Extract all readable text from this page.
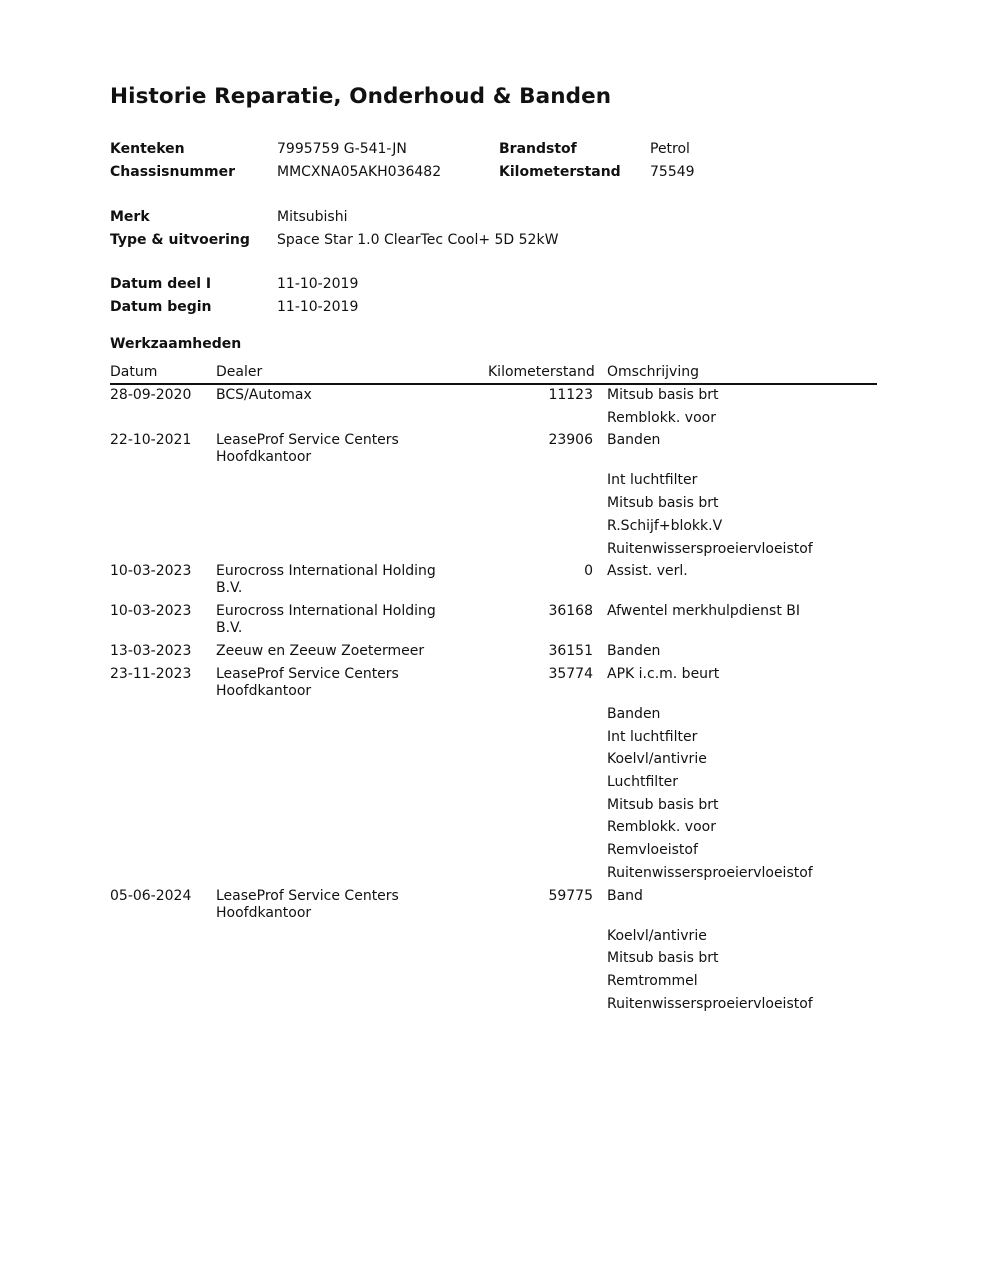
Historie Reparatie, Onderhoud & Banden
Kenteken	7995759 G-541-JN	Brandstof	Petrol
Chassisnummer	MMCXNA05AKH036482	Kilometerstand 75549
Merk	Mitsubishi
Type & uitvoering Space Star 1.0 ClearTec Cool+ 5D 52kW
Datum deel I	11-10-2019
Datum begin	11-10-2019
Werkzaamheden
Datum	Dealer	Kilometerstand Omschrijving
28-09-2020 BCS/Automax	11123 Mitsub basis brt
Remblokk. voor
22-10-2021 LeaseProf Service Centers
Hoofdkantoor
23906 Banden
Int luchtfilter
Mitsub basis brt
R.Schijf+blokk.V
Ruitenwissersproeiervloeistof
10-03-2023 Eurocross International Holding
B.V.
0 Assist. verl.
10-03-2023 Eurocross International Holding
B.V.
36168 Afwentel merkhulpdienst BI
13-03-2023 Zeeuw en Zeeuw Zoetermeer	36151 Banden
23-11-2023 LeaseProf Service Centers
Hoofdkantoor
35774 APK i.c.m. beurt
Banden
Int luchtfilter
Koelvl/antivrie
Luchtfilter
Mitsub basis brt
Remblokk. voor
Remvloeistof
Ruitenwissersproeiervloeistof
05-06-2024 LeaseProf Service Centers
Hoofdkantoor
59775 Band
Koelvl/antivrie
Mitsub basis brt
Remtrommel
Ruitenwissersproeiervloeistof
